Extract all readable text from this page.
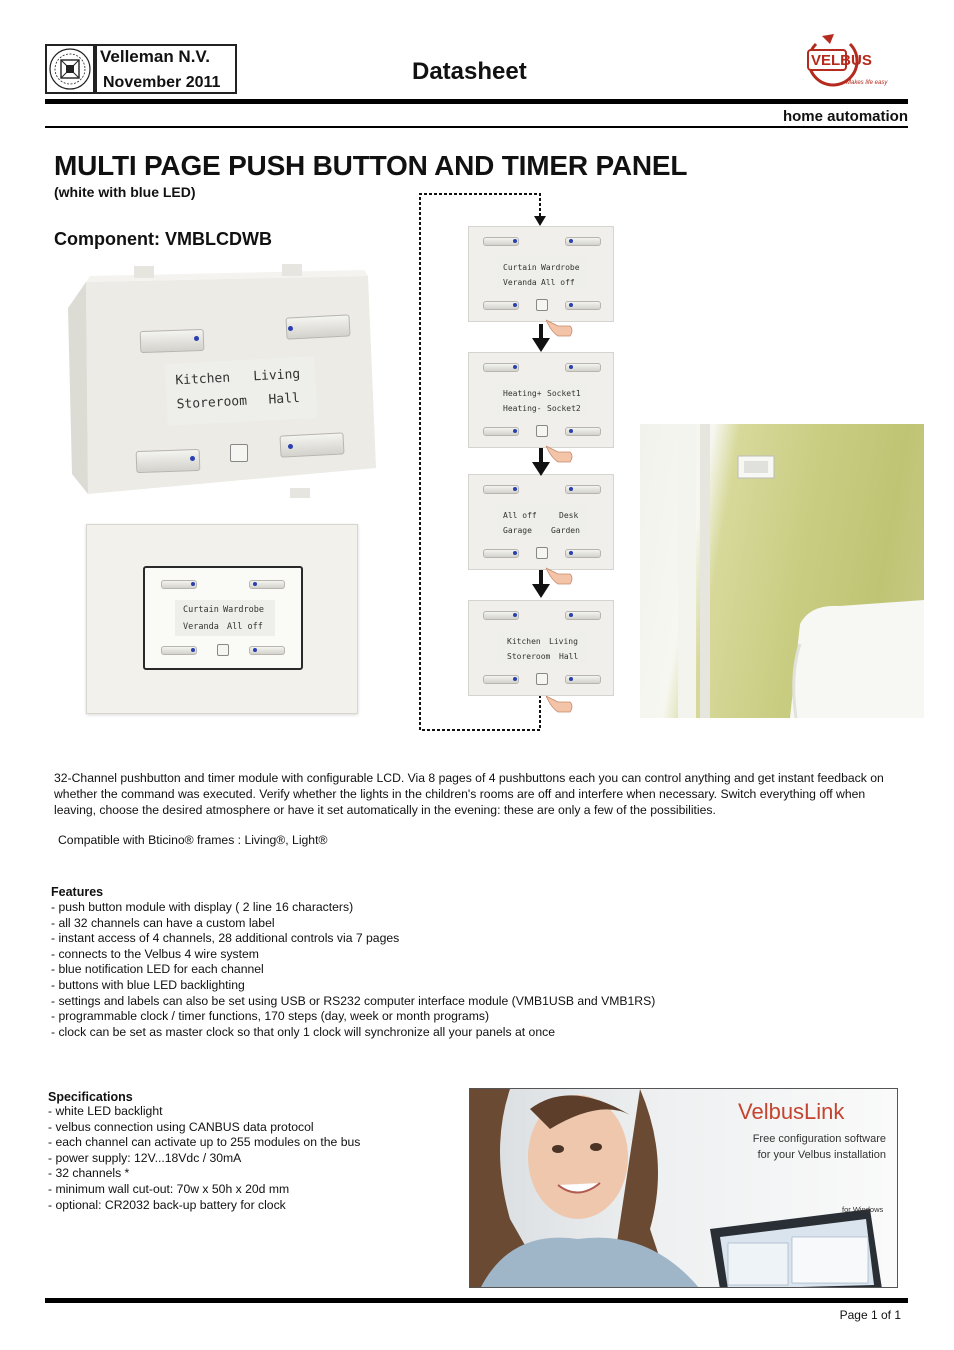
Velleman N.V.
November 2011	Datasheet	VELBUS
Makes life easy
home automation
MULTI PAGE PUSH BUTTON AND TIMER PANEL
(white with blue LED)
Component: VMBLCDWB
Kitchen Living
Storeroom Hall
Curtain Wardrobe
Veranda All off
Curtain Wardrobe
Veranda All off
Heating+ Socket1
Heating- Socket2
All off	Desk
Garage Garden
Kitchen Living
Storeroom Hall
32-Channel pushbutton and timer module with configurable LCD. Via 8 pages of 4 pushbuttons each you can control anything and get instant feedback on whether the command was executed. Verify whether the lights in the children's rooms are off and interfere when necessary. Switch everything off when leaving, choose the desired atmosphere or have it set automatically in the evening: these are only a few of the possibilities.
Compatible with Bticino® frames : Living®, Light®
Features
- push button module with display ( 2 line 16 characters)
- all 32 channels can have a custom label
- instant access of 4 channels, 28 additional controls via 7 pages
- connects to the Velbus 4 wire system
- blue notification LED for each channel
- buttons with blue LED backlighting
- settings and labels can also be set using USB or RS232 computer interface module (VMB1USB and VMB1RS)
- programmable clock / timer functions, 170 steps (day, week or month programs)
- clock can be set as master clock so that only 1 clock will synchronize all your panels at once
Specifications
- white LED backlight
- velbus connection using CANBUS data protocol
- each channel can activate up to 255 modules on the bus
- power supply: 12V...18Vdc / 30mA
- 32 channels *
- minimum wall cut-out: 70w x 50h x 20d mm
- optional: CR2032 back-up battery for clock
VelbusLink
Free configuration software
for your Velbus installation
for Windows
Page 1 of 1
